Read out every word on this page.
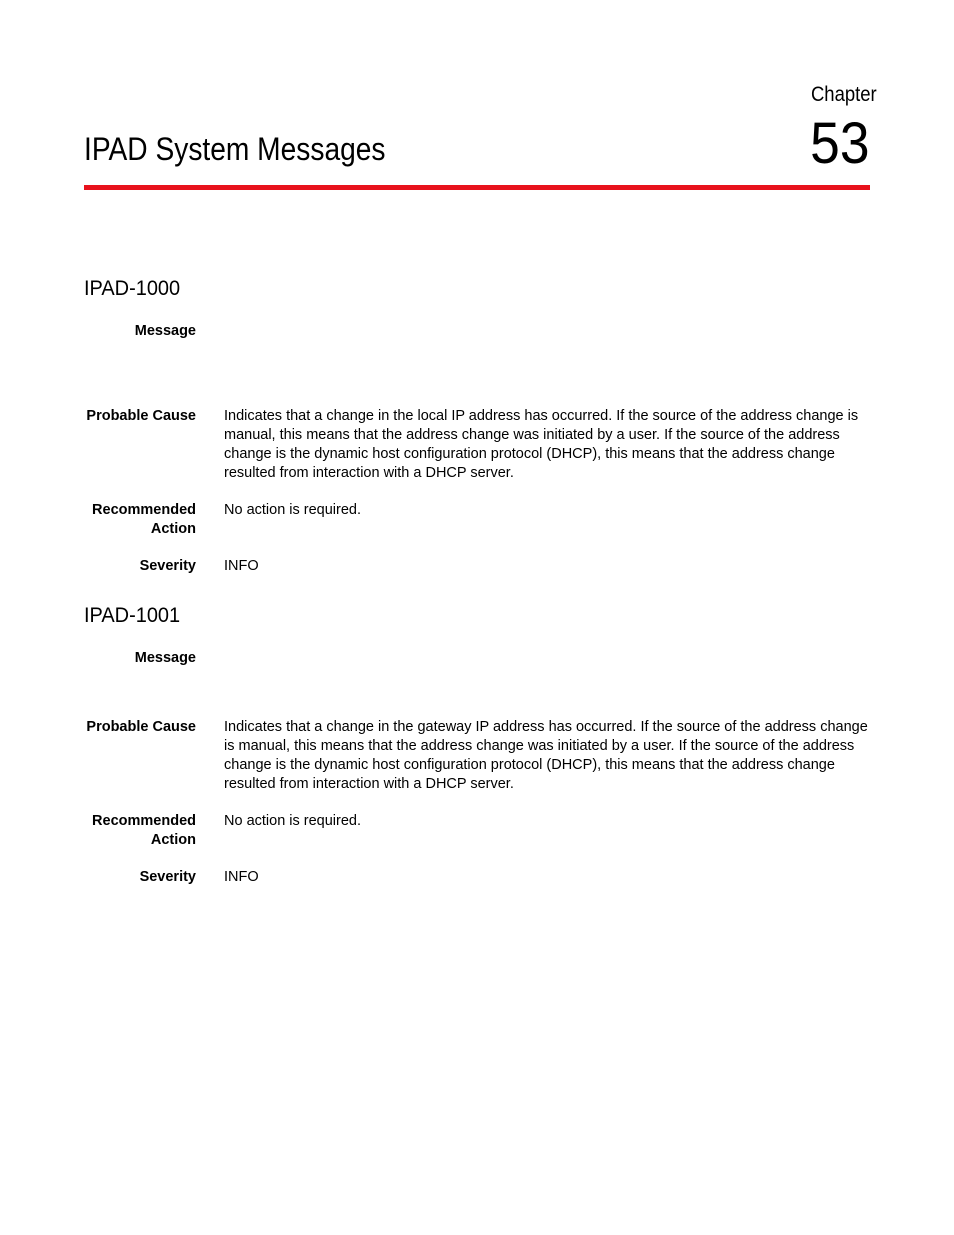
Chapter
53
IPAD System Messages
IPAD-1000
Message
Probable Cause Indicates that a change in the local IP address has occurred. If the source of the address change is manual, this means that the address change was initiated by a user. If the source of the address change is the dynamic host configuration protocol (DHCP), this means that the address change resulted from interaction with a DHCP server.
Recommended Action
No action is required.
Severity INFO
IPAD-1001
Message
Probable Cause Indicates that a change in the gateway IP address has occurred. If the source of the address change is manual, this means that the address change was initiated by a user. If the source of the address change is the dynamic host configuration protocol (DHCP), this means that the address change resulted from interaction with a DHCP server.
Recommended Action
No action is required.
Severity INFO
